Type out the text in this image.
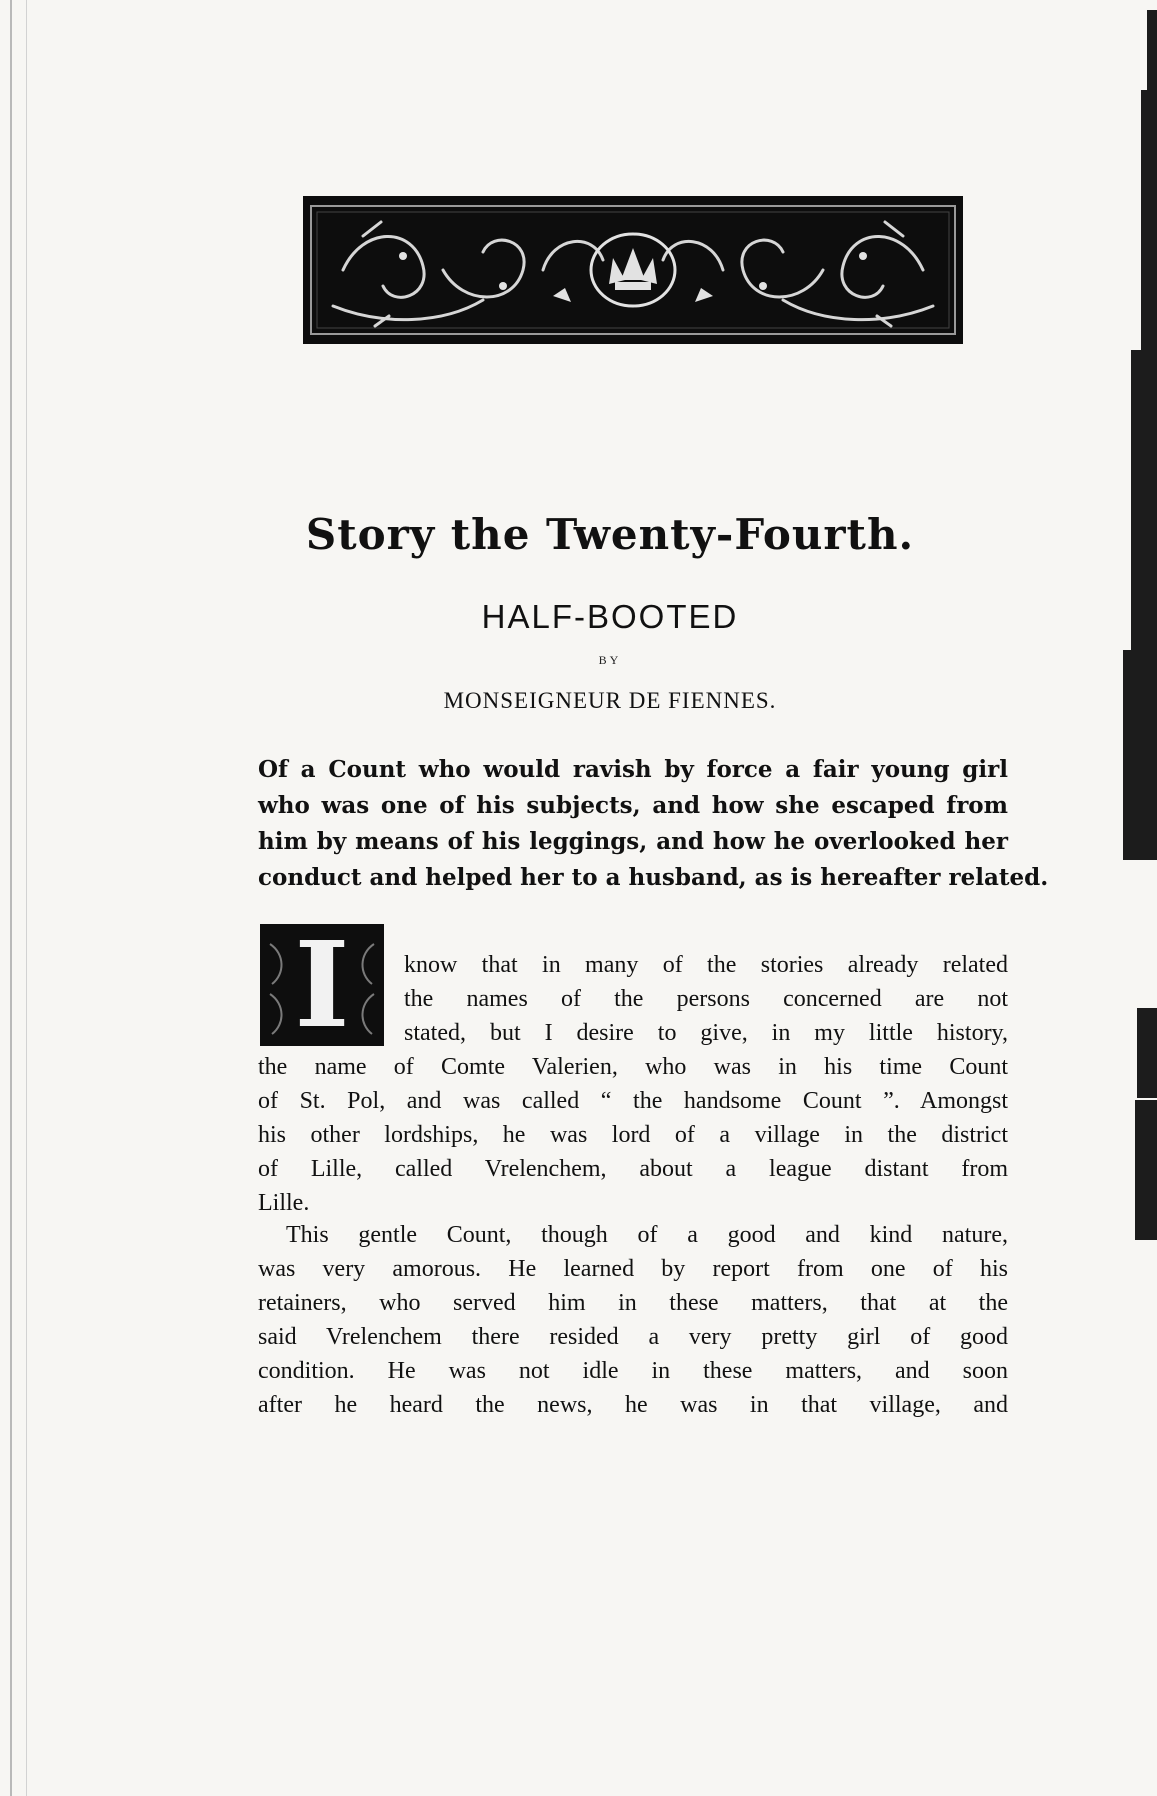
Story the Twenty-Fourth.
HALF-BOOTED
BY
MONSEIGNEUR DE FIENNES.
Of a Count who would ravish by force a fair young girl
who was one of his subjects, and how she escaped from
him by means of his leggings, and how he overlooked her
conduct and helped her to a husband, as is hereafter related.
I	know that in many of the stories already related
the names of the persons concerned are not
stated, but I desire to give, in my little history,
the name of Comte Valerien, who was in his time Count
of St. Pol, and was called “ the handsome Count ”. Amongst
his other lordships, he was lord of a village in the district
of Lille, called Vrelenchem, about a league distant from
Lille.
This gentle Count, though of a good and kind nature,
was very amorous. He learned by report from one of his
retainers, who served him in these matters, that at the
said Vrelenchem there resided a very pretty girl of good
condition. He was not idle in these matters, and soon
after he heard the news, he was in that village, and
